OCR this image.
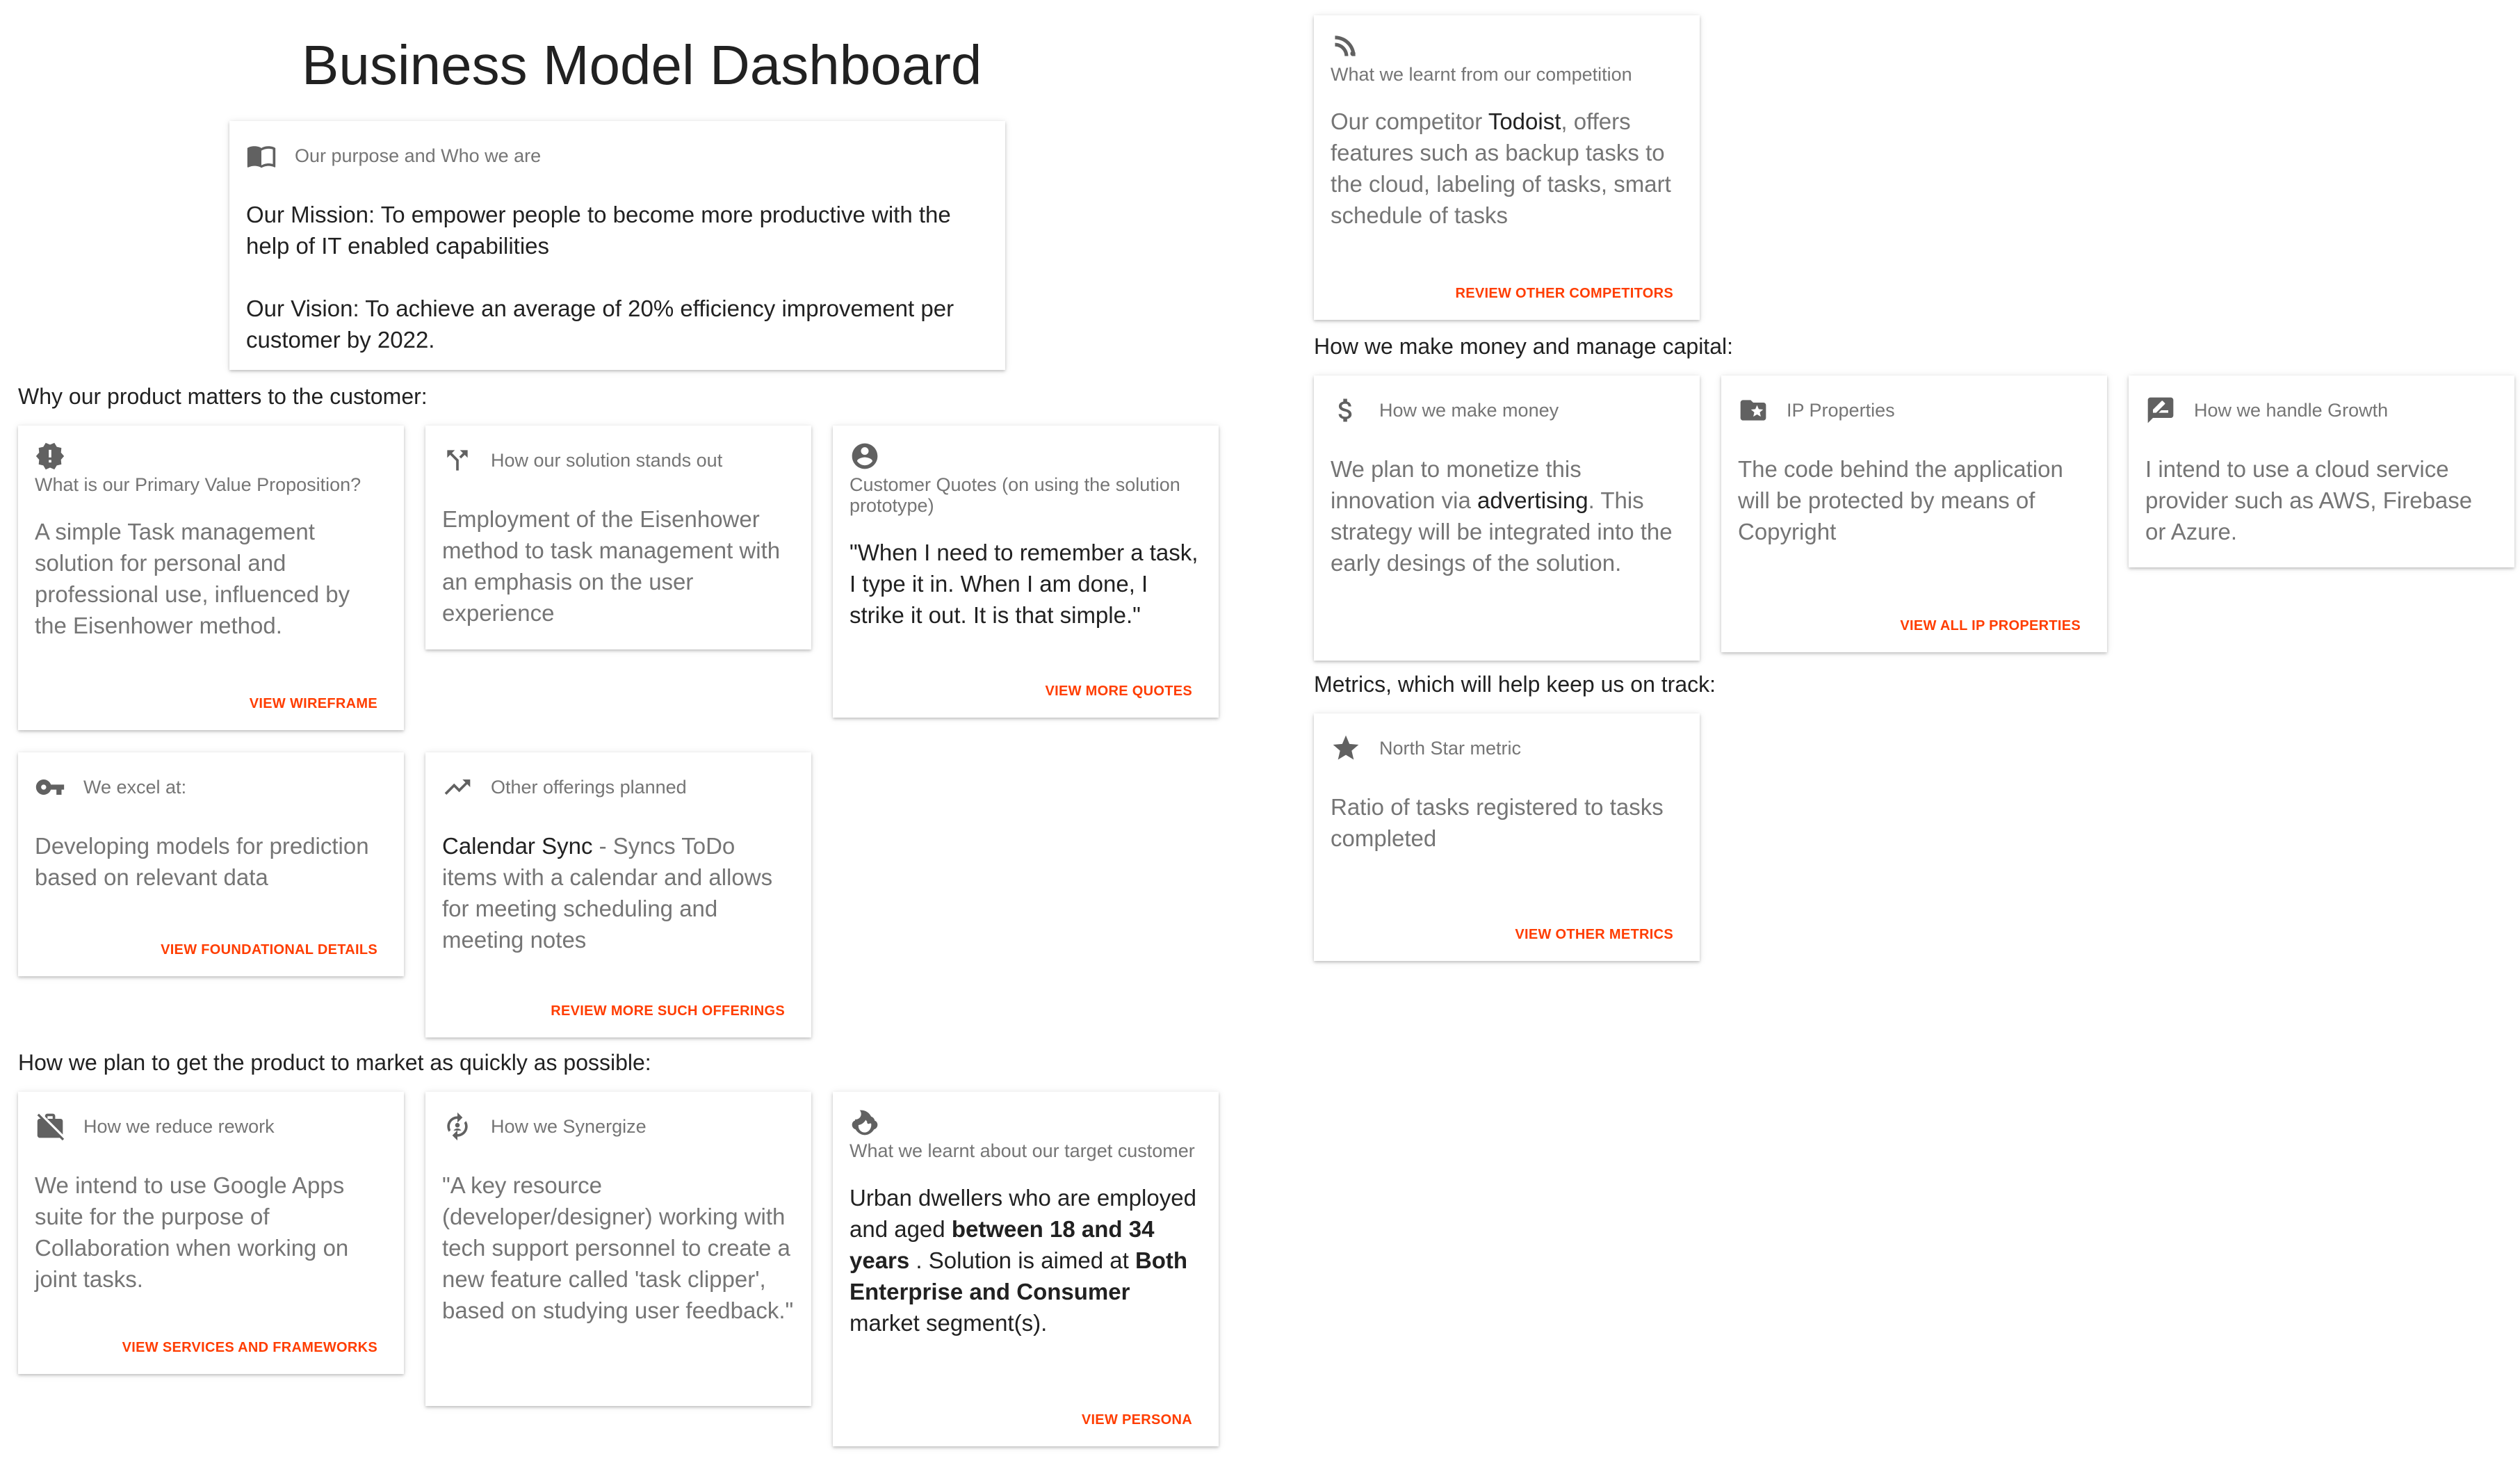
Business Model Dashboard
Our purpose and Who we are

Our Mission: To empower people to become more productive with the help of IT enabled capabilities

Our Vision: To achieve an average of 20% efficiency improvement per customer by 2022.

Why our product matters to the customer:
What is our Primary Value Proposition?
A simple Task management solution for personal and professional use, influenced by the Eisenhower method.
VIEW WIREFRAME
How our solution stands out
Employment of the Eisenhower method to task management with an emphasis on the user experience
Customer Quotes (on using the solution prototype)
"When I need to remember a task, I type it in. When I am done, I strike it out. It is that simple."
VIEW MORE QUOTES
We excel at:
Developing models for prediction based on relevant data
VIEW FOUNDATIONAL DETAILS
Other offerings planned
Calendar Sync - Syncs ToDo items with a calendar and allows for meeting scheduling and meeting notes
REVIEW MORE SUCH OFFERINGS
How we plan to get the product to market as quickly as possible:
How we reduce rework
We intend to use Google Apps suite for the purpose of Collaboration when working on joint tasks.
VIEW SERVICES AND FRAMEWORKS
How we Synergize
"A key resource (developer/designer) working with tech support personnel to create a new feature called 'task clipper', based on studying user feedback."
What we learnt about our target customer
Urban dwellers who are employed and aged between 18 and 34 years . Solution is aimed at Both Enterprise and Consumer market segment(s).
VIEW PERSONA
What we learnt from our competition
Our competitor Todoist, offers features such as backup tasks to the cloud, labeling of tasks, smart schedule of tasks
REVIEW OTHER COMPETITORS
How we make money and manage capital:
How we make money
We plan to monetize this innovation via advertising. This strategy will be integrated into the early desings of the solution.
IP Properties
The code behind the application will be protected by means of Copyright
VIEW ALL IP PROPERTIES
How we handle Growth
I intend to use a cloud service provider such as AWS, Firebase or Azure.
Metrics, which will help keep us on track:
North Star metric
Ratio of tasks registered to tasks completed
VIEW OTHER METRICS
